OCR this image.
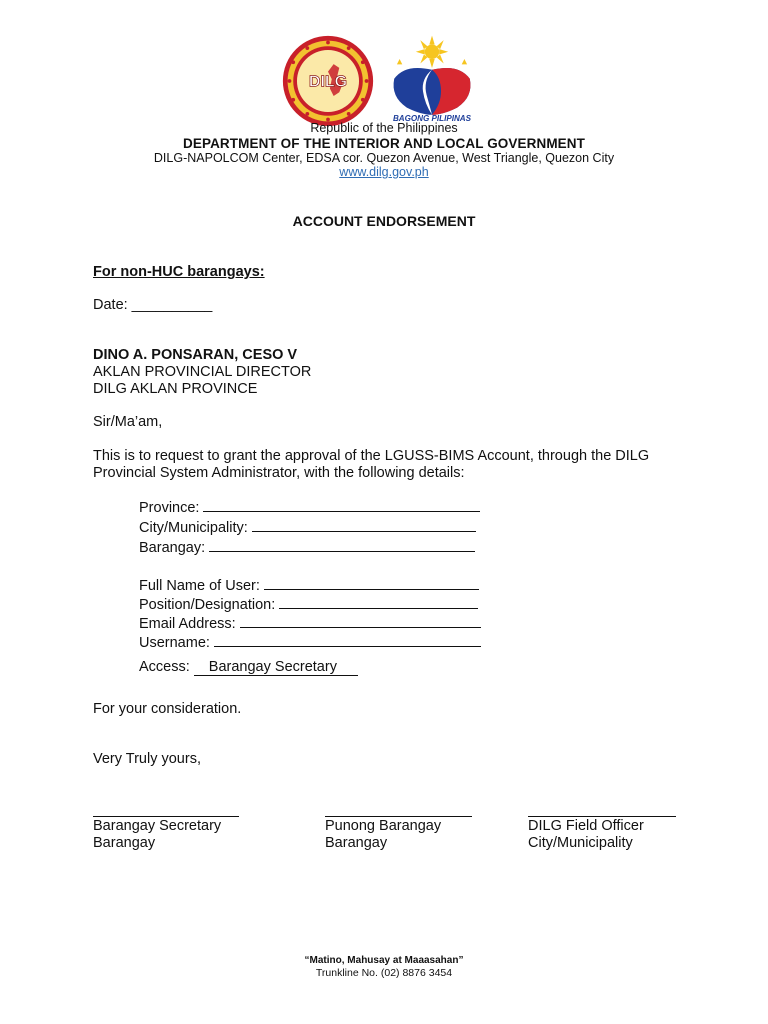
DILG
BAGONG PILIPINAS
Republic of the Philippines
DEPARTMENT OF THE INTERIOR AND LOCAL GOVERNMENT
DILG-NAPOLCOM Center, EDSA cor. Quezon Avenue, West Triangle, Quezon City
www.dilg.gov.ph
ACCOUNT ENDORSEMENT
For non-HUC barangays:
Date: __________
DINO A. PONSARAN, CESO V
AKLAN PROVINCIAL DIRECTOR
DILG AKLAN PROVINCE
Sir/Ma’am,
This is to request to grant the approval of the LGUSS-BIMS Account, through the DILG
Provincial System Administrator, with the following details:
Province:
City/Municipality:
Barangay:
Full Name of User:
Position/Designation:
Email Address:
Username:
Access: Barangay Secretary
For your consideration.
Very Truly yours,
Barangay Secretary
Barangay
Punong Barangay
Barangay
DILG Field Officer
City/Municipality
“Matino, Mahusay at Maaasahan”
Trunkline No. (02) 8876 3454
